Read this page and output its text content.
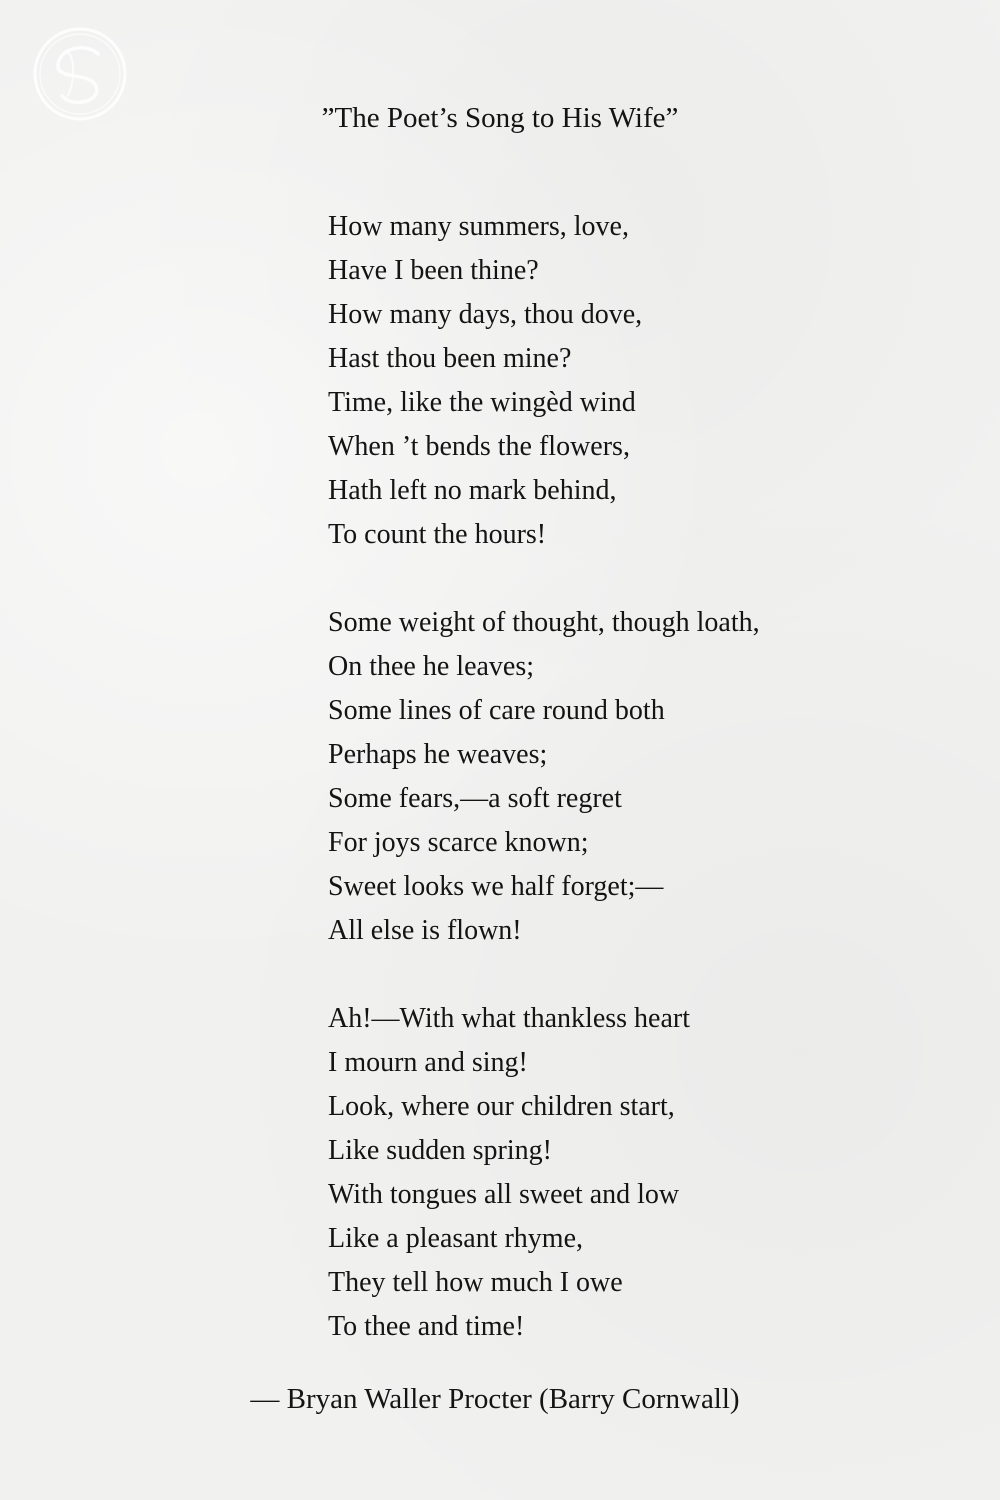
”The Poet’s Song to His Wife”

How many summers, love,
Have I been thine?
How many days, thou dove,
Hast thou been mine?
Time, like the wingèd wind
When ’t bends the flowers,
Hath left no mark behind,
To count the hours!

Some weight of thought, though loath,
On thee he leaves;
Some lines of care round both
Perhaps he weaves;
Some fears,—a soft regret
For joys scarce known;
Sweet looks we half forget;—
All else is flown!

Ah!—With what thankless heart
I mourn and sing!
Look, where our children start,
Like sudden spring!
With tongues all sweet and low
Like a pleasant rhyme,
They tell how much I owe
To thee and time!

— Bryan Waller Procter (Barry Cornwall)
